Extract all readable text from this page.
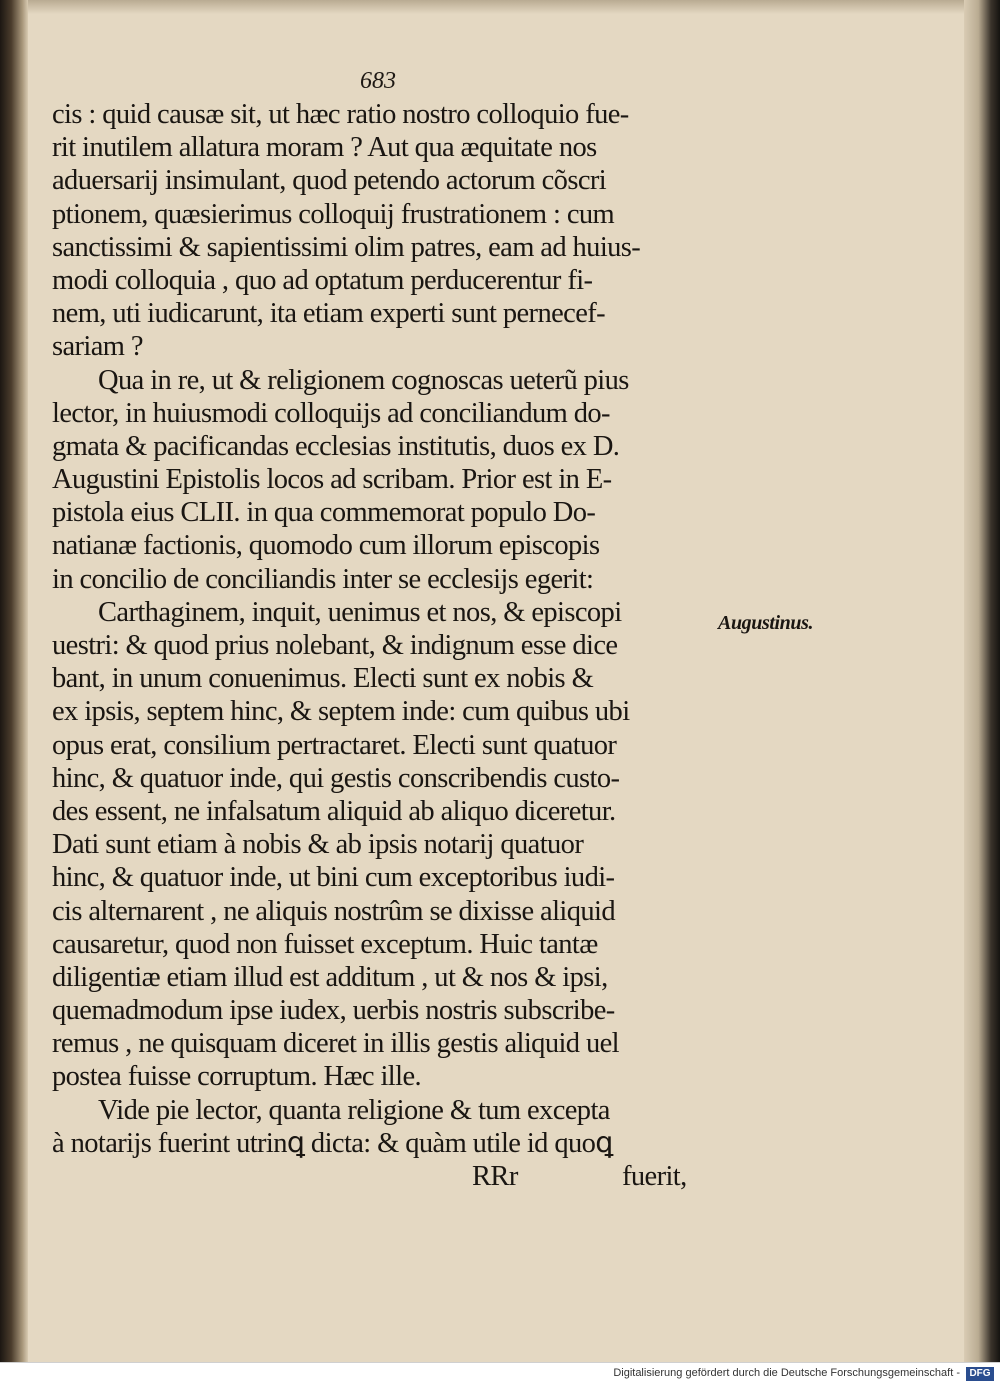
683
cis : quid causæ sit, ut hæc ratio nostro colloquio fue-
rit inutilem allatura moram ? Aut qua æquitate nos
aduersarij insimulant, quod petendo actorum cõscri
ptionem, quæsierimus colloquij frustrationem : cum
sanctissimi & sapientissimi olim patres, eam ad huius-
modi colloquia , quo ad optatum perducerentur fi-
nem, uti iudicarunt, ita etiam experti sunt pernecef-
sariam ?
Qua in re, ut & religionem cognoscas ueterũ pius
lector, in huiusmodi colloquijs ad conciliandum do-
gmata & pacificandas ecclesias institutis, duos ex D.
Augustini Epistolis locos ad scribam. Prior est in E-
pistola eius CLII. in qua commemorat populo Do-
natianæ factionis, quomodo cum illorum episcopis
in concilio de conciliandis inter se ecclesijs egerit:
Carthaginem, inquit, uenimus et nos, & episcopi
uestri: & quod prius nolebant, & indignum esse dice
bant, in unum conuenimus. Electi sunt ex nobis &
ex ipsis, septem hinc, & septem inde: cum quibus ubi
opus erat, consilium pertractaret. Electi sunt quatuor
hinc, & quatuor inde, qui gestis conscribendis custo-
des essent, ne infalsatum aliquid ab aliquo diceretur.
Dati sunt etiam à nobis & ab ipsis notarij quatuor
hinc, & quatuor inde, ut bini cum exceptoribus iudi-
cis alternarent , ne aliquis nostrûm se dixisse aliquid
causaretur, quod non fuisset exceptum. Huic tantæ
diligentiæ etiam illud est additum , ut & nos & ipsi,
quemadmodum ipse iudex, uerbis nostris subscribe-
remus , ne quisquam diceret in illis gestis aliquid uel
postea fuisse corruptum. Hæc ille.
Vide pie lector, quanta religione & tum excepta
à notarijs fuerint utrinꝗ dicta: & quàm utile id quoꝗ
RRr	fuerit,
Augustinus.
Digitalisierung gefördert durch die Deutsche Forschungsgemeinschaft - DFG
